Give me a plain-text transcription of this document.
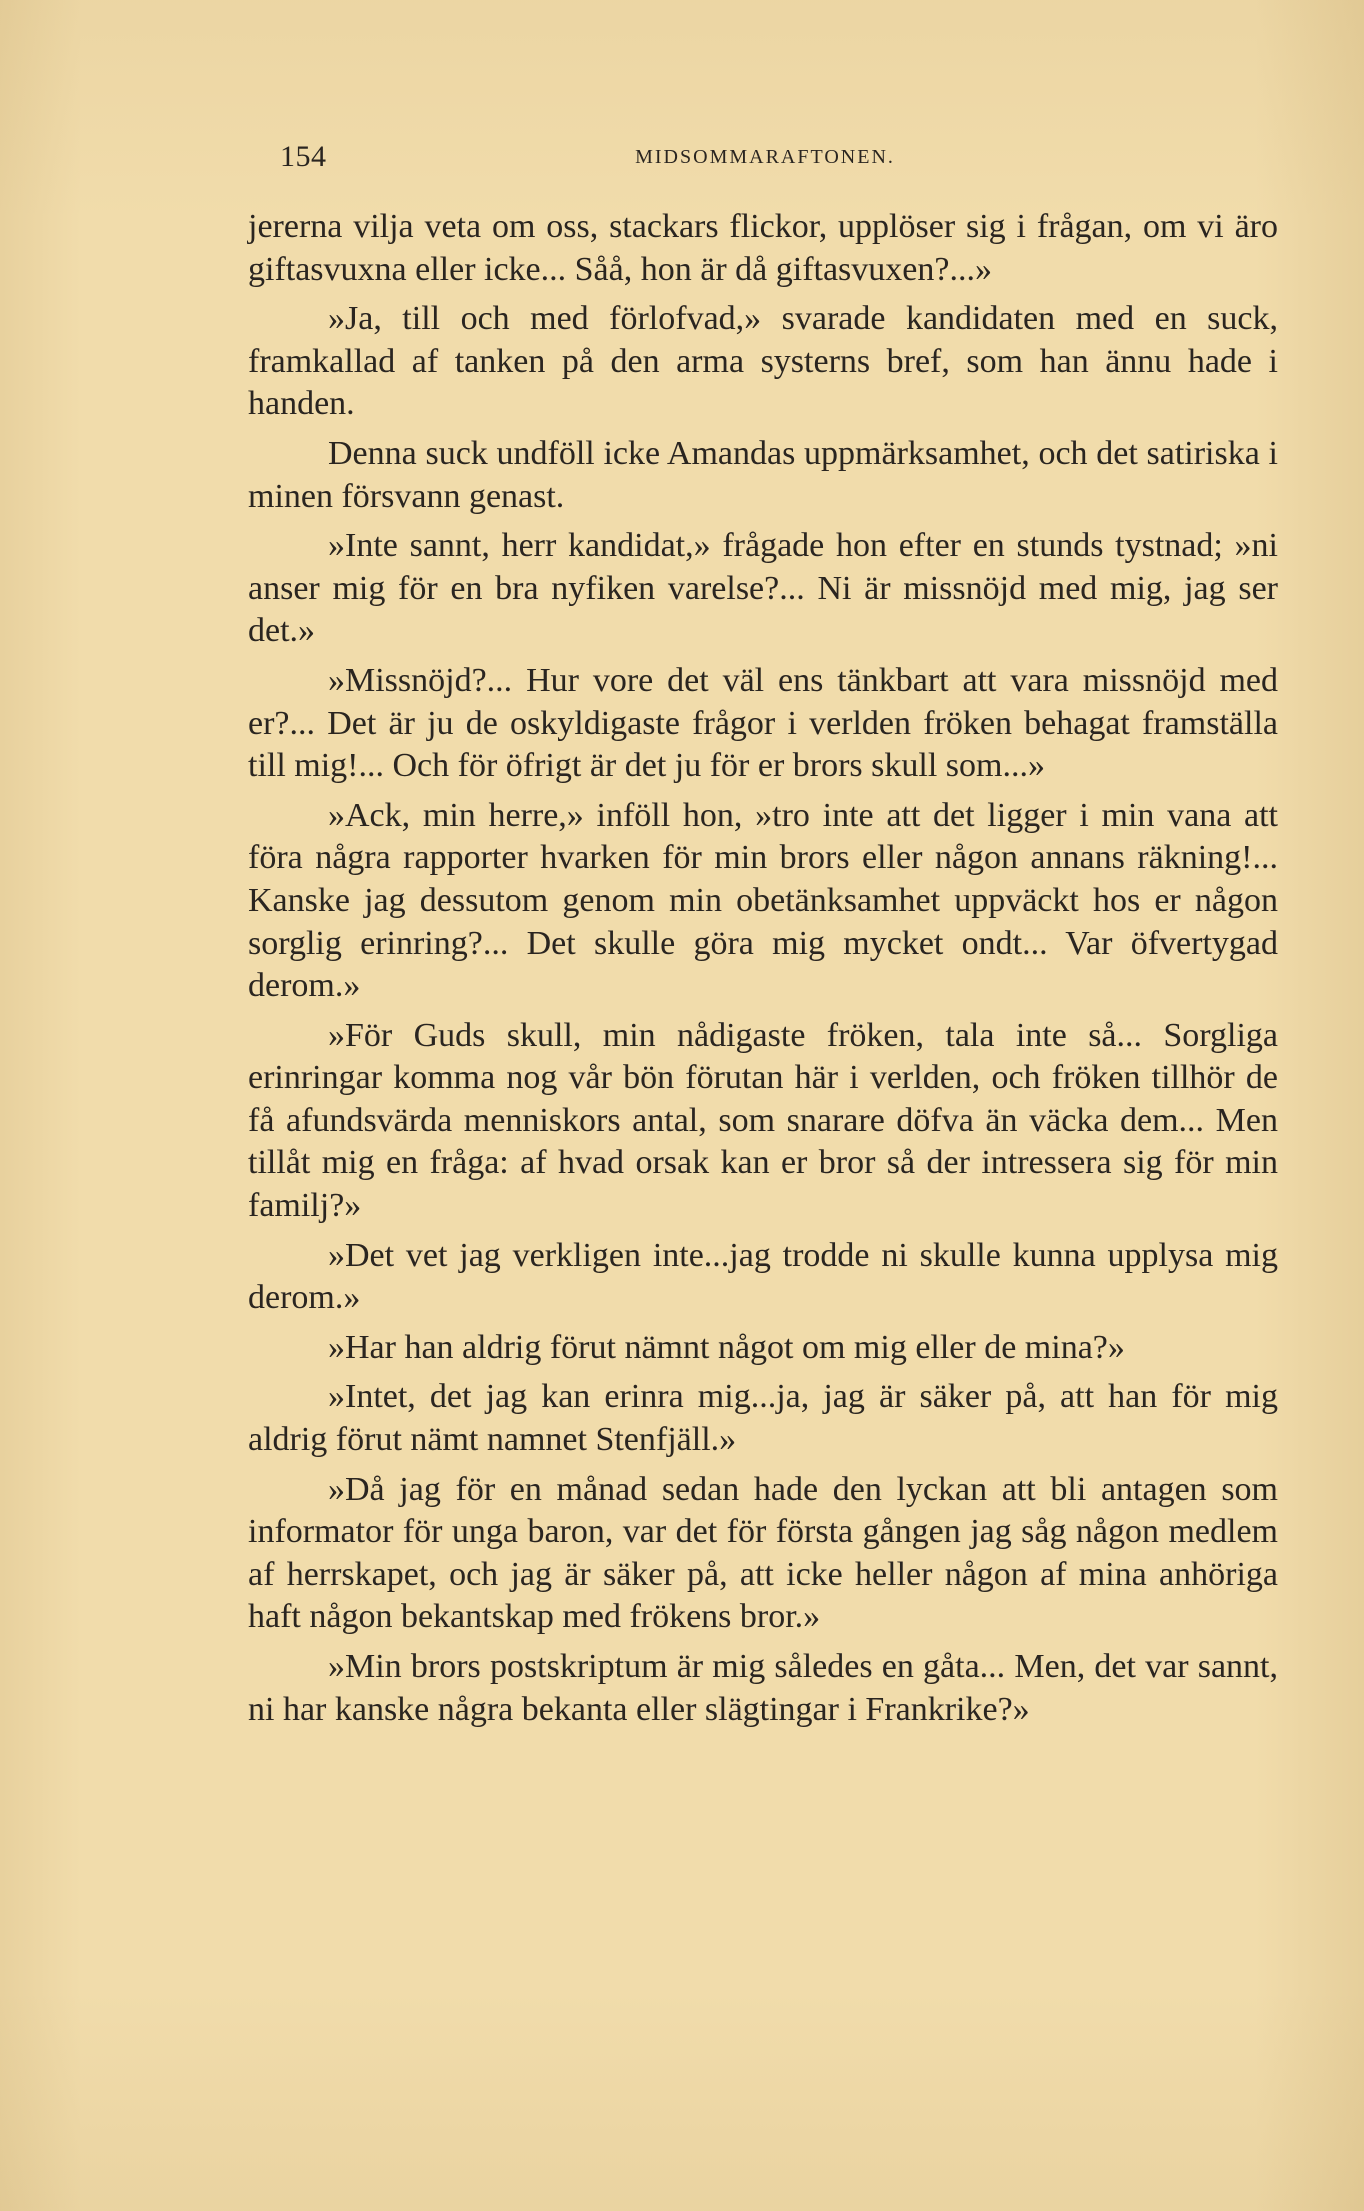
154	MIDSOMMARAFTONEN.

jererna vilja veta om oss, stackars flickor, upplöser sig i frågan, om vi äro giftasvuxna eller icke... Såå, hon är då giftasvuxen?...»

»Ja, till och med förlofvad,» svarade kandidaten med en suck, framkallad af tanken på den arma systerns bref, som han ännu hade i handen.

Denna suck undföll icke Amandas uppmärksamhet, och det satiriska i minen försvann genast.

»Inte sannt, herr kandidat,» frågade hon efter en stunds tystnad; »ni anser mig för en bra nyfiken varelse?... Ni är missnöjd med mig, jag ser det.»

»Missnöjd?... Hur vore det väl ens tänkbart att vara missnöjd med er?... Det är ju de oskyldigaste frågor i verlden fröken behagat framställa till mig!... Och för öfrigt är det ju för er brors skull som...»

»Ack, min herre,» inföll hon, »tro inte att det ligger i min vana att föra några rapporter hvarken för min brors eller någon annans räkning!... Kanske jag dessutom genom min obetänksamhet uppväckt hos er någon sorglig erinring?... Det skulle göra mig mycket ondt... Var öfvertygad derom.»

»För Guds skull, min nådigaste fröken, tala inte så... Sorgliga erinringar komma nog vår bön förutan här i verlden, och fröken tillhör de få afundsvärda menniskors antal, som snarare döfva än väcka dem... Men tillåt mig en fråga: af hvad orsak kan er bror så der intressera sig för min familj?»

»Det vet jag verkligen inte...jag trodde ni skulle kunna upplysa mig derom.»

»Har han aldrig förut nämnt något om mig eller de mina?»

»Intet, det jag kan erinra mig...ja, jag är säker på, att han för mig aldrig förut nämt namnet Stenfjäll.»

»Då jag för en månad sedan hade den lyckan att bli antagen som informator för unga baron, var det för första gången jag såg någon medlem af herrskapet, och jag är säker på, att icke heller någon af mina anhöriga haft någon bekantskap med frökens bror.»

»Min brors postskriptum är mig således en gåta... Men, det var sannt, ni har kanske några bekanta eller slägtingar i Frankrike?»
